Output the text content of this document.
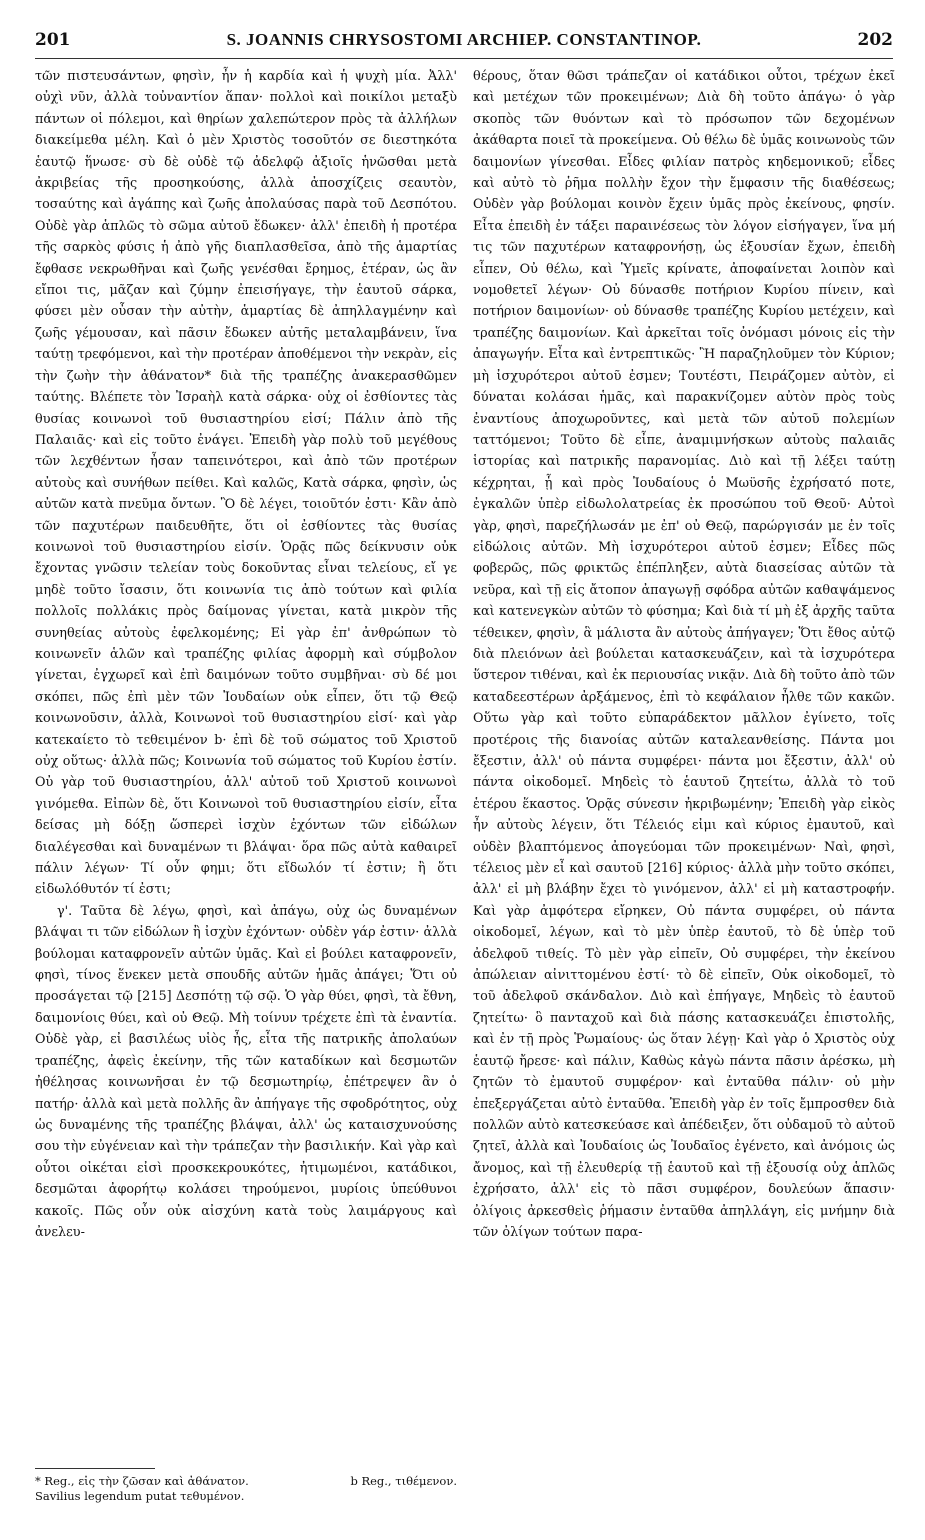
201	S. JOANNIS CHRYSOSTOMI ARCHIEP. CONSTANTINOP.	202

τῶν πιστευσάντων, φησὶν, ἦν ἡ καρδία καὶ ἡ ψυχὴ μία. Ἀλλ' οὐχὶ νῦν, ἀλλὰ τοὐναντίον ἅπαν· πολλοὶ καὶ ποικίλοι μεταξὺ πάντων οἱ πόλεμοι, καὶ θηρίων χαλεπώτερον πρὸς τὰ ἀλλήλων διακείμεθα μέλη. Καὶ ὁ μὲν Χριστὸς τοσοῦτόν σε διεστηκότα ἑαυτῷ ἥνωσε· σὺ δὲ οὐδὲ τῷ ἀδελφῷ ἀξιοῖς ἡνῶσθαι μετὰ ἀκριβείας τῆς προσηκούσης, ἀλλὰ ἀποσχίζεις σεαυτὸν, τοσαύτης καὶ ἀγάπης καὶ ζωῆς ἀπολαύσας παρὰ τοῦ Δεσπότου. Οὐδὲ γὰρ ἁπλῶς τὸ σῶμα αὐτοῦ ἔδωκεν· ἀλλ' ἐπειδὴ ἡ προτέρα τῆς σαρκὸς φύσις ἡ ἀπὸ γῆς διαπλασθεῖσα, ἀπὸ τῆς ἁμαρτίας ἔφθασε νεκρωθῆναι καὶ ζωῆς γενέσθαι ἔρημος, ἑτέραν, ὡς ἂν εἴποι τις, μᾶζαν καὶ ζύμην ἐπεισήγαγε, τὴν ἑαυτοῦ σάρκα, φύσει μὲν οὖσαν τὴν αὐτὴν, ἁμαρτίας δὲ ἀπηλλαγμένην καὶ ζωῆς γέμουσαν, καὶ πᾶσιν ἔδωκεν αὐτῆς μεταλαμβάνειν, ἵνα ταύτῃ τρεφόμενοι, καὶ τὴν προτέραν ἀποθέμενοι τὴν νεκρὰν, εἰς τὴν ζωὴν τὴν ἀθάνατον* διὰ τῆς τραπέζης ἀνακερασθῶμεν ταύτης. Βλέπετε τὸν Ἰσραὴλ κατὰ σάρκα· οὐχ οἱ ἐσθίοντες τὰς θυσίας κοινωνοὶ τοῦ θυσιαστηρίου εἰσί; Πάλιν ἀπὸ τῆς Παλαιᾶς· καὶ εἰς τοῦτο ἐνάγει. Ἐπειδὴ γὰρ πολὺ τοῦ μεγέθους τῶν λεχθέντων ἦσαν ταπεινότεροι, καὶ ἀπὸ τῶν προτέρων αὐτοὺς καὶ συνήθων πείθει. Καὶ καλῶς, Κατὰ σάρκα, φησὶν, ὡς αὐτῶν κατὰ πνεῦμα ὄντων. Ὃ δὲ λέγει, τοιοῦτόν ἐστι· Κἂν ἀπὸ τῶν παχυτέρων παιδευθῆτε, ὅτι οἱ ἐσθίοντες τὰς θυσίας κοινωνοὶ τοῦ θυσιαστηρίου εἰσίν. Ὁρᾷς πῶς δείκνυσιν οὐκ ἔχοντας γνῶσιν τελείαν τοὺς δοκοῦντας εἶναι τελείους, εἴ γε μηδὲ τοῦτο ἴσασιν, ὅτι κοινωνία τις ἀπὸ τούτων καὶ φιλία πολλοῖς πολλάκις πρὸς δαίμονας γίνεται, κατὰ μικρὸν τῆς συνηθείας αὐτοὺς ἐφελκομένης; Εἰ γὰρ ἐπ' ἀνθρώπων τὸ κοινωνεῖν ἁλῶν καὶ τραπέζης φιλίας ἀφορμὴ καὶ σύμβολον γίνεται, ἐγχωρεῖ καὶ ἐπὶ δαιμόνων τοῦτο συμβῆναι· σὺ δέ μοι σκόπει, πῶς ἐπὶ μὲν τῶν Ἰουδαίων οὐκ εἶπεν, ὅτι τῷ Θεῷ κοινωνοῦσιν, ἀλλὰ, Κοινωνοὶ τοῦ θυσιαστηρίου εἰσί· καὶ γὰρ κατεκαίετο τὸ τεθειμένον b· ἐπὶ δὲ τοῦ σώματος τοῦ Χριστοῦ οὐχ οὕτως· ἀλλὰ πῶς; Κοινωνία τοῦ σώματος τοῦ Κυρίου ἐστίν. Οὐ γὰρ τοῦ θυσιαστηρίου, ἀλλ' αὐτοῦ τοῦ Χριστοῦ κοινωνοὶ γινόμεθα. Εἰπὼν δὲ, ὅτι Κοινωνοὶ τοῦ θυσιαστηρίου εἰσίν, εἶτα δείσας μὴ δόξῃ ὥσπερεὶ ἰσχὺν ἐχόντων τῶν εἰδώλων διαλέγεσθαι καὶ δυναμένων τι βλάψαι· ὅρα πῶς αὐτὰ καθαιρεῖ πάλιν λέγων· Τί οὖν φημι; ὅτι εἴδωλόν τί ἐστιν; ἢ ὅτι εἰδωλόθυτόν τί ἐστι;

γ'. Ταῦτα δὲ λέγω, φησὶ, καὶ ἀπάγω, οὐχ ὡς δυναμένων βλάψαι τι τῶν εἰδώλων ἢ ἰσχὺν ἐχόντων· οὐδὲν γάρ ἐστιν· ἀλλὰ βούλομαι καταφρονεῖν αὐτῶν ὑμᾶς. Καὶ εἰ βούλει καταφρονεῖν, φησὶ, τίνος ἕνεκεν μετὰ σπουδῆς αὐτῶν ἡμᾶς ἀπάγει; Ὅτι οὐ προσάγεται τῷ [215] Δεσπότῃ τῷ σῷ. Ὁ γὰρ θύει, φησὶ, τὰ ἔθνη, δαιμονίοις θύει, καὶ οὐ Θεῷ. Μὴ τοίνυν τρέχετε ἐπὶ τὰ ἐναντία. Οὐδὲ γὰρ, εἰ βασιλέως υἱὸς ἦς, εἶτα τῆς πατρικῆς ἀπολαύων τραπέζης, ἀφεὶς ἐκείνην, τῆς τῶν καταδίκων καὶ δεσμωτῶν ἠθέλησας κοινωνῆσαι ἐν τῷ δεσμωτηρίῳ, ἐπέτρεψεν ἂν ὁ πατήρ· ἀλλὰ καὶ μετὰ πολλῆς ἂν ἀπήγαγε τῆς σφοδρότητος, οὐχ ὡς δυναμένης τῆς τραπέζης βλάψαι, ἀλλ' ὡς καταισχυνούσης σου τὴν εὐγένειαν καὶ τὴν τράπεζαν τὴν βασιλικήν. Καὶ γὰρ καὶ οὗτοι οἰκέται εἰσὶ προσκεκρουκότες, ἠτιμωμένοι, κατάδικοι, δεσμῶται ἀφορήτῳ κολάσει τηρούμενοι, μυρίοις ὑπεύθυνοι κακοῖς. Πῶς οὖν οὐκ αἰσχύνη κατὰ τοὺς λαιμάργους καὶ ἀνελευ-

θέρους, ὅταν θῶσι τράπεζαν οἱ κατάδικοι οὗτοι, τρέχων ἐκεῖ καὶ μετέχων τῶν προκειμένων; Διὰ δὴ τοῦτο ἀπάγω· ὁ γὰρ σκοπὸς τῶν θυόντων καὶ τὸ πρόσωπον τῶν δεχομένων ἀκάθαρτα ποιεῖ τὰ προκείμενα. Οὐ θέλω δὲ ὑμᾶς κοινωνοὺς τῶν δαιμονίων γίνεσθαι. Εἶδες φιλίαν πατρὸς κηδεμονικοῦ; εἶδες καὶ αὐτὸ τὸ ῥῆμα πολλὴν ἔχον τὴν ἔμφασιν τῆς διαθέσεως; Οὐδὲν γὰρ βούλομαι κοινὸν ἔχειν ὑμᾶς πρὸς ἐκείνους, φησίν. Εἶτα ἐπειδὴ ἐν τάξει παραινέσεως τὸν λόγον εἰσήγαγεν, ἵνα μή τις τῶν παχυτέρων καταφρονήσῃ, ὡς ἐξουσίαν ἔχων, ἐπειδὴ εἶπεν, Οὐ θέλω, καὶ Ὑμεῖς κρίνατε, ἀποφαίνεται λοιπὸν καὶ νομοθετεῖ λέγων· Οὐ δύνασθε ποτήριον Κυρίου πίνειν, καὶ ποτήριον δαιμονίων· οὐ δύνασθε τραπέζης Κυρίου μετέχειν, καὶ τραπέζης δαιμονίων. Καὶ ἀρκεῖται τοῖς ὀνόμασι μόνοις εἰς τὴν ἀπαγωγήν. Εἶτα καὶ ἐντρεπτικῶς· Ἢ παραζηλοῦμεν τὸν Κύριον; μὴ ἰσχυρότεροι αὐτοῦ ἐσμεν; Τουτέστι, Πειράζομεν αὐτὸν, εἰ δύναται κολάσαι ἡμᾶς, καὶ παρακνίζομεν αὐτὸν πρὸς τοὺς ἐναντίους ἀποχωροῦντες, καὶ μετὰ τῶν αὐτοῦ πολεμίων ταττόμενοι; Τοῦτο δὲ εἶπε, ἀναμιμνήσκων αὐτοὺς παλαιᾶς ἱστορίας καὶ πατρικῆς παρανομίας. Διὸ καὶ τῇ λέξει ταύτῃ κέχρηται, ᾗ καὶ πρὸς Ἰουδαίους ὁ Μωϋσῆς ἐχρήσατό ποτε, ἐγκαλῶν ὑπὲρ εἰδωλολατρείας ἐκ προσώπου τοῦ Θεοῦ· Αὐτοὶ γὰρ, φησὶ, παρεζήλωσάν με ἐπ' οὐ Θεῷ, παρώργισάν με ἐν τοῖς εἰδώλοις αὐτῶν. Μὴ ἰσχυρότεροι αὐτοῦ ἐσμεν; Εἶδες πῶς φοβερῶς, πῶς φρικτῶς ἐπέπληξεν, αὐτὰ διασείσας αὐτῶν τὰ νεῦρα, καὶ τῇ εἰς ἄτοπον ἀπαγωγῇ σφόδρα αὐτῶν καθαψάμενος καὶ κατενεγκὼν αὐτῶν τὸ φύσημα; Καὶ διὰ τί μὴ ἐξ ἀρχῆς ταῦτα τέθεικεν, φησὶν, ἃ μάλιστα ἂν αὐτοὺς ἀπήγαγεν; Ὅτι ἔθος αὐτῷ διὰ πλειόνων ἀεὶ βούλεται κατασκευάζειν, καὶ τὰ ἰσχυρότερα ὕστερον τιθέναι, καὶ ἐκ περιουσίας νικᾷν. Διὰ δὴ τοῦτο ἀπὸ τῶν καταδεεστέρων ἀρξάμενος, ἐπὶ τὸ κεφάλαιον ἦλθε τῶν κακῶν. Οὕτω γὰρ καὶ τοῦτο εὐπαράδεκτον μᾶλλον ἐγίνετο, τοῖς προτέροις τῆς διανοίας αὐτῶν καταλεανθείσης. Πάντα μοι ἔξεστιν, ἀλλ' οὐ πάντα συμφέρει· πάντα μοι ἔξεστιν, ἀλλ' οὐ πάντα οἰκοδομεῖ. Μηδεὶς τὸ ἑαυτοῦ ζητείτω, ἀλλὰ τὸ τοῦ ἑτέρου ἕκαστος. Ὁρᾷς σύνεσιν ἠκριβωμένην; Ἐπειδὴ γὰρ εἰκὸς ἦν αὐτοὺς λέγειν, ὅτι Τέλειός εἰμι καὶ κύριος ἐμαυτοῦ, καὶ οὐδὲν βλαπτόμενος ἀπογεύομαι τῶν προκειμένων· Ναὶ, φησὶ, τέλειος μὲν εἶ καὶ σαυτοῦ [216] κύριος· ἀλλὰ μὴν τοῦτο σκόπει, ἀλλ' εἰ μὴ βλάβην ἔχει τὸ γινόμενον, ἀλλ' εἰ μὴ καταστροφήν. Καὶ γὰρ ἀμφότερα εἴρηκεν, Οὐ πάντα συμφέρει, οὐ πάντα οἰκοδομεῖ, λέγων, καὶ τὸ μὲν ὑπὲρ ἑαυτοῦ, τὸ δὲ ὑπὲρ τοῦ ἀδελφοῦ τιθείς. Τὸ μὲν γὰρ εἰπεῖν, Οὐ συμφέρει, τὴν ἐκείνου ἀπώλειαν αἰνιττομένου ἐστί· τὸ δὲ εἰπεῖν, Οὐκ οἰκοδομεῖ, τὸ τοῦ ἀδελφοῦ σκάνδαλον. Διὸ καὶ ἐπήγαγε, Μηδεὶς τὸ ἑαυτοῦ ζητείτω· ὃ πανταχοῦ καὶ διὰ πάσης κατασκευάζει ἐπιστολῆς, καὶ ἐν τῇ πρὸς Ῥωμαίους· ὡς ὅταν λέγῃ· Καὶ γὰρ ὁ Χριστὸς οὐχ ἑαυτῷ ἤρεσε· καὶ πάλιν, Καθὼς κἀγὼ πάντα πᾶσιν ἀρέσκω, μὴ ζητῶν τὸ ἐμαυτοῦ συμφέρον· καὶ ἐνταῦθα πάλιν· οὐ μὴν ἐπεξεργάζεται αὐτὸ ἐνταῦθα. Ἐπειδὴ γὰρ ἐν τοῖς ἔμπροσθεν διὰ πολλῶν αὐτὸ κατεσκεύασε καὶ ἀπέδειξεν, ὅτι οὐδαμοῦ τὸ αὐτοῦ ζητεῖ, ἀλλὰ καὶ Ἰουδαίοις ὡς Ἰουδαῖος ἐγένετο, καὶ ἀνόμοις ὡς ἄνομος, καὶ τῇ ἐλευθερίᾳ τῇ ἑαυτοῦ καὶ τῇ ἐξουσίᾳ οὐχ ἁπλῶς ἐχρήσατο, ἀλλ' εἰς τὸ πᾶσι συμφέρον, δουλεύων ἅπασιν· ὀλίγοις ἀρκεσθεὶς ῥήμασιν ἐνταῦθα ἀπηλλάγη, εἰς μνήμην διὰ τῶν ὀλίγων τούτων παρα-

* Reg., εἰς τὴν ζῶσαν καὶ ἀθάνατον.	b Reg., τιθέμενον.
Savilius legendum putat τεθυμένον.
